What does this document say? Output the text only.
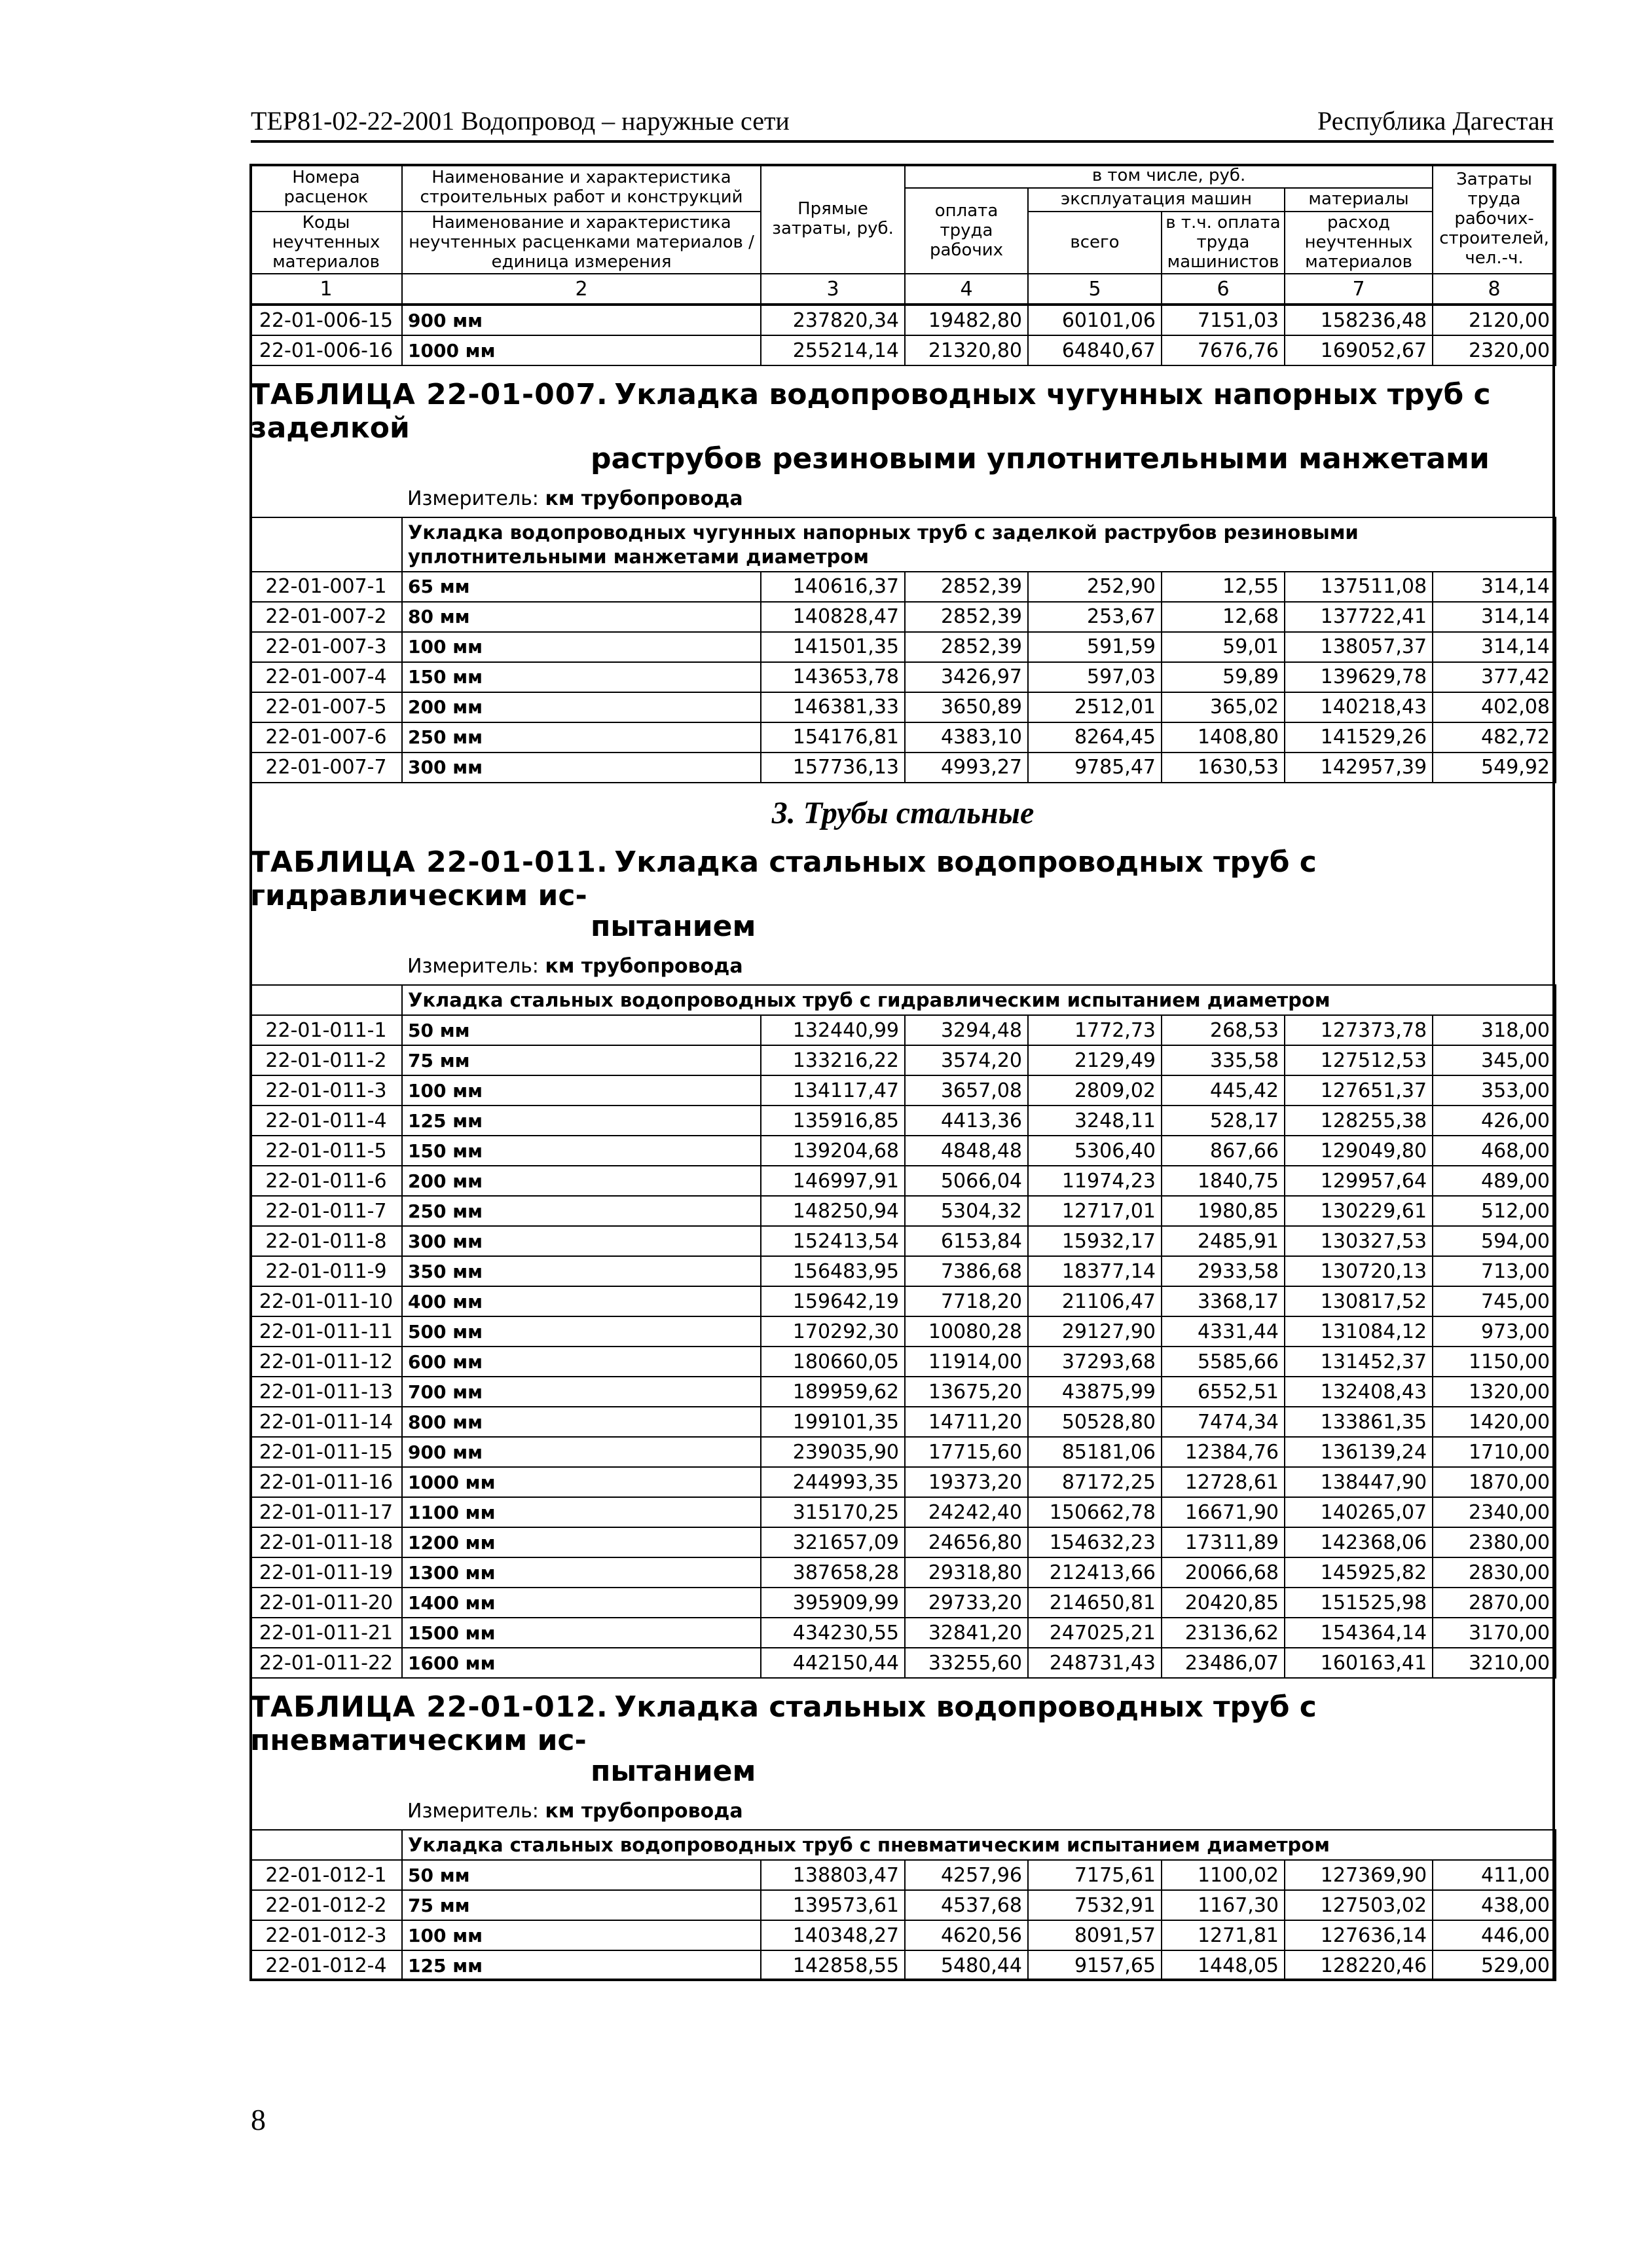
ТЕР81-02-22-2001 Водопровод – наружные сети	Республика Дагестан
Номера расценок	Наименование и характеристика строительных работ и конструкций	Прямые затраты, руб.	в том числе, руб.				Затраты труда рабочих-строителей, чел.-ч.
			оплата труда рабочих	эксплуатация машин		материалы	
Коды неучтенных материалов	Наименование и характеристика неучтенных расценками материалов / единица измерения			всего	в т.ч. оплата труда машинистов	расход неучтенных материалов	

1	2	3	4	5	6	7	8
22-01-006-15	900 мм	237820,34	19482,80	60101,06	7151,03	158236,48	2120,00
22-01-006-16	1000 мм	255214,14	21320,80	64840,67	7676,76	169052,67	2320,00
ТАБЛИЦА 22-01-007. Укладка водопроводных чугунных напорных труб с заделкой
раструбов резиновыми уплотнительными манжетами
Измеритель: км трубопровода							

	Укладка водопроводных чугунных напорных труб с заделкой раструбов резиновыми уплотнительными манжетами диаметром						
22-01-007-1	65 мм	140616,37	2852,39	252,90	12,55	137511,08	314,14
22-01-007-2	80 мм	140828,47	2852,39	253,67	12,68	137722,41	314,14
22-01-007-3	100 мм	141501,35	2852,39	591,59	59,01	138057,37	314,14
22-01-007-4	150 мм	143653,78	3426,97	597,03	59,89	139629,78	377,42
22-01-007-5	200 мм	146381,33	3650,89	2512,01	365,02	140218,43	402,08
22-01-007-6	250 мм	154176,81	4383,10	8264,45	1408,80	141529,26	482,72
22-01-007-7	300 мм	157736,13	4993,27	9785,47	1630,53	142957,39	549,92
3. Трубы стальные							
ТАБЛИЦА 22-01-011. Укладка стальных водопроводных труб с гидравлическим ис-
пытанием
Измеритель: км трубопровода							

	Укладка стальных водопроводных труб с гидравлическим испытанием диаметром						
22-01-011-1	50 мм	132440,99	3294,48	1772,73	268,53	127373,78	318,00
22-01-011-2	75 мм	133216,22	3574,20	2129,49	335,58	127512,53	345,00
22-01-011-3	100 мм	134117,47	3657,08	2809,02	445,42	127651,37	353,00
22-01-011-4	125 мм	135916,85	4413,36	3248,11	528,17	128255,38	426,00
22-01-011-5	150 мм	139204,68	4848,48	5306,40	867,66	129049,80	468,00
22-01-011-6	200 мм	146997,91	5066,04	11974,23	1840,75	129957,64	489,00
22-01-011-7	250 мм	148250,94	5304,32	12717,01	1980,85	130229,61	512,00
22-01-011-8	300 мм	152413,54	6153,84	15932,17	2485,91	130327,53	594,00
22-01-011-9	350 мм	156483,95	7386,68	18377,14	2933,58	130720,13	713,00
22-01-011-10	400 мм	159642,19	7718,20	21106,47	3368,17	130817,52	745,00
22-01-011-11	500 мм	170292,30	10080,28	29127,90	4331,44	131084,12	973,00
22-01-011-12	600 мм	180660,05	11914,00	37293,68	5585,66	131452,37	1150,00
22-01-011-13	700 мм	189959,62	13675,20	43875,99	6552,51	132408,43	1320,00
22-01-011-14	800 мм	199101,35	14711,20	50528,80	7474,34	133861,35	1420,00
22-01-011-15	900 мм	239035,90	17715,60	85181,06	12384,76	136139,24	1710,00
22-01-011-16	1000 мм	244993,35	19373,20	87172,25	12728,61	138447,90	1870,00
22-01-011-17	1100 мм	315170,25	24242,40	150662,78	16671,90	140265,07	2340,00
22-01-011-18	1200 мм	321657,09	24656,80	154632,23	17311,89	142368,06	2380,00
22-01-011-19	1300 мм	387658,28	29318,80	212413,66	20066,68	145925,82	2830,00
22-01-011-20	1400 мм	395909,99	29733,20	214650,81	20420,85	151525,98	2870,00
22-01-011-21	1500 мм	434230,55	32841,20	247025,21	23136,62	154364,14	3170,00
22-01-011-22	1600 мм	442150,44	33255,60	248731,43	23486,07	160163,41	3210,00
ТАБЛИЦА 22-01-012. Укладка стальных водопроводных труб с пневматическим ис-
пытанием
Измеритель: км трубопровода							

	Укладка стальных водопроводных труб с пневматическим испытанием диаметром						
22-01-012-1	50 мм	138803,47	4257,96	7175,61	1100,02	127369,90	411,00
22-01-012-2	75 мм	139573,61	4537,68	7532,91	1167,30	127503,02	438,00
22-01-012-3	100 мм	140348,27	4620,56	8091,57	1271,81	127636,14	446,00
22-01-012-4	125 мм	142858,55	5480,44	9157,65	1448,05	128220,46	529,00
8
